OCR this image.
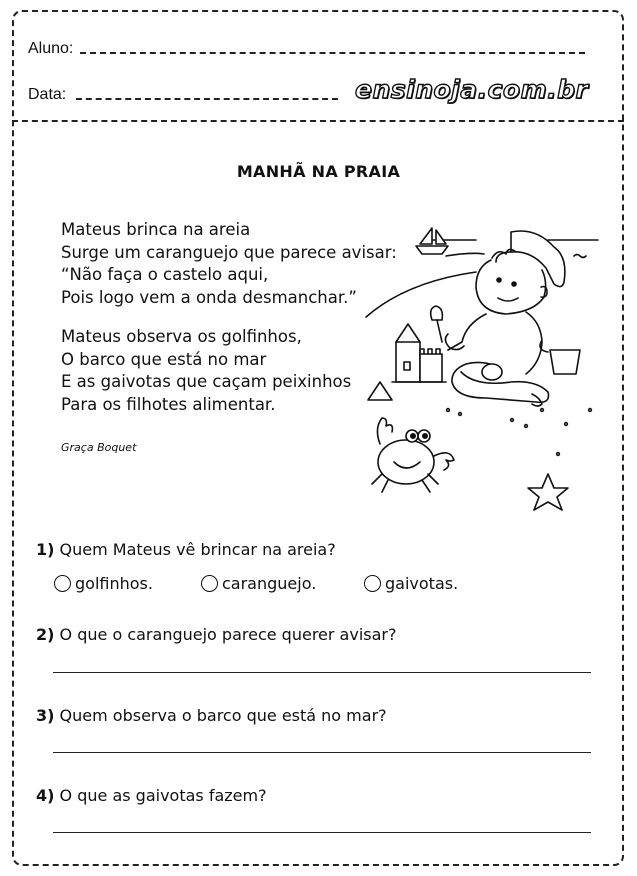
Aluno:
Data:	ensinoja.com.br
MANHÃ NA PRAIA
Mateus brinca na areia
Surge um caranguejo que parece avisar:
“Não faça o castelo aqui,
Pois logo vem a onda desmanchar.”
Mateus observa os golfinhos,
O barco que está no mar
E as gaivotas que caçam peixinhos
Para os filhotes alimentar.
Graça Boquet
1) Quem Mateus vê brincar na areia?
golfinhos.	caranguejo.	gaivotas.
2) O que o caranguejo parece querer avisar?
3) Quem observa o barco que está no mar?
4) O que as gaivotas fazem?
